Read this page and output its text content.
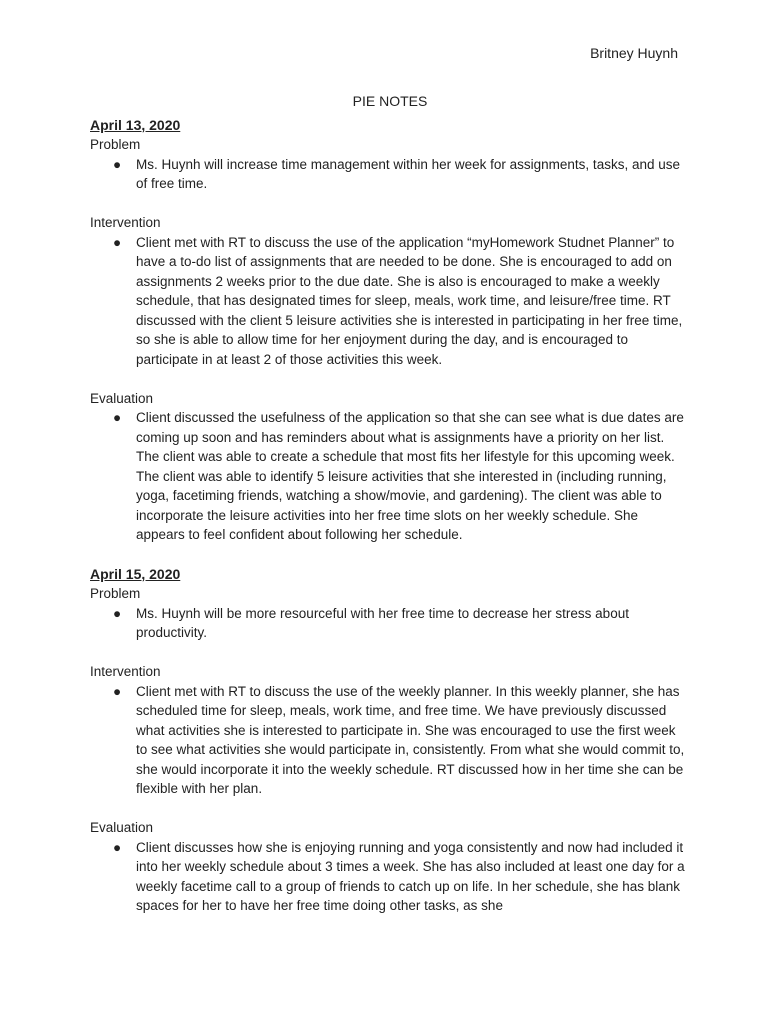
Britney Huynh
PIE NOTES
April 13, 2020
Problem
● Ms. Huynh will increase time management within her week for assignments, tasks, and use of free time.
Intervention
● Client met with RT to discuss the use of the application “myHomework Studnet Planner” to have a to-do list of assignments that are needed to be done. She is encouraged to add on assignments 2 weeks prior to the due date. She is also is encouraged to make a weekly schedule, that has designated times for sleep, meals, work time, and leisure/free time. RT discussed with the client 5 leisure activities she is interested in participating in her free time, so she is able to allow time for her enjoyment during the day, and is encouraged to participate in at least 2 of those activities this week.
Evaluation
● Client discussed the usefulness of the application so that she can see what is due dates are coming up soon and has reminders about what is assignments have a priority on her list. The client was able to create a schedule that most fits her lifestyle for this upcoming week. The client was able to identify 5 leisure activities that she interested in (including running, yoga, facetiming friends, watching a show/movie, and gardening). The client was able to incorporate the leisure activities into her free time slots on her weekly schedule. She appears to feel confident about following her schedule.
April 15, 2020
Problem
● Ms. Huynh will be more resourceful with her free time to decrease her stress about productivity.
Intervention
● Client met with RT to discuss the use of the weekly planner. In this weekly planner, she has scheduled time for sleep, meals, work time, and free time. We have previously discussed what activities she is interested to participate in. She was encouraged to use the first week to see what activities she would participate in, consistently. From what she would commit to, she would incorporate it into the weekly schedule. RT discussed how in her time she can be flexible with her plan.
Evaluation
● Client discusses how she is enjoying running and yoga consistently and now had included it into her weekly schedule about 3 times a week. She has also included at least one day for a weekly facetime call to a group of friends to catch up on life. In her schedule, she has blank spaces for her to have her free time doing other tasks, as she
